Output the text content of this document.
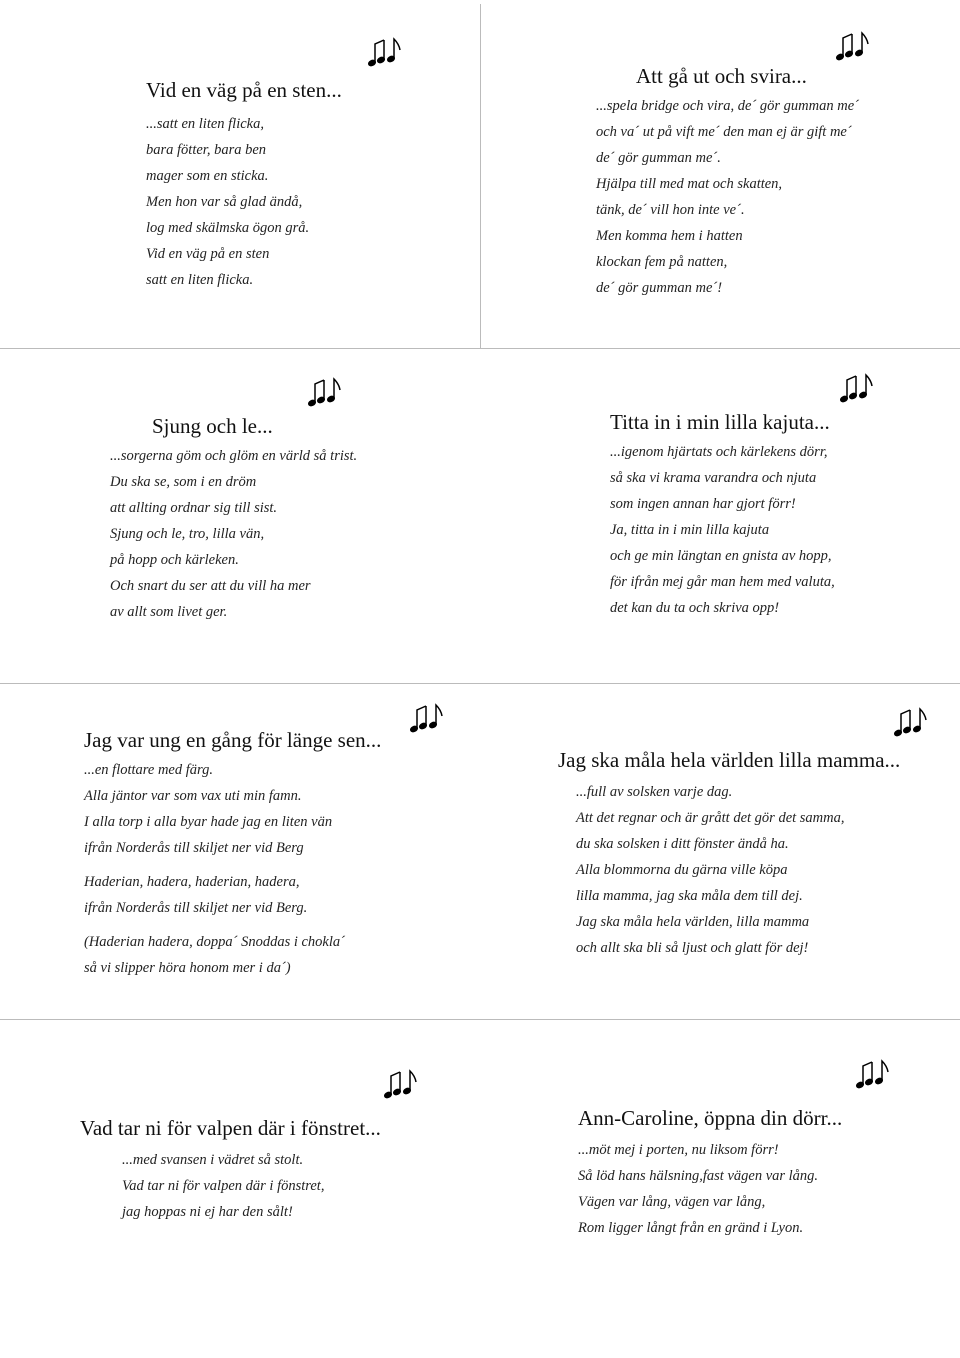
Vid en väg på en sten...
...satt en liten flicka,
bara fötter, bara ben
mager som en sticka.
Men hon var så glad ändå,
log med skälmska ögon grå.
Vid en väg på en sten
satt en liten flicka.
Att gå ut och svira...
...spela bridge och vira, de´ gör gumman me´
och va´ ut på vift me´ den man ej är gift me´
de´ gör gumman me´.
Hjälpa till med mat och skatten,
tänk, de´ vill hon inte ve´.
Men komma hem i hatten
klockan fem på natten,
de´ gör gumman me´!
Sjung och le...
...sorgerna göm och glöm en värld så trist.
Du ska se, som i en dröm
att allting ordnar sig till sist.
Sjung och le, tro, lilla vän,
på hopp och kärleken.
Och snart du ser att du vill ha mer
av allt som livet ger.
Titta in i min lilla kajuta...
...igenom hjärtats och kärlekens dörr,
så ska vi krama varandra och njuta
som ingen annan har gjort förr!
Ja, titta in i min lilla kajuta
och ge min längtan en gnista av hopp,
för ifrån mej går man hem med valuta,
det kan du ta och skriva opp!
Jag var ung en gång för länge sen...
...en flottare med färg.
Alla jäntor var som vax uti min famn.
I alla torp i alla byar hade jag en liten vän
ifrån Norderås till skiljet ner vid Berg
Haderian, hadera, haderian, hadera,
ifrån Norderås till skiljet ner vid Berg.
(Haderian hadera, doppa´ Snoddas i chokla´
så vi slipper höra honom mer i da´)
Jag ska måla hela världen lilla mamma...
...full av solsken varje dag.
Att det regnar och är grått det gör det samma,
du ska solsken i ditt fönster ändå ha.
Alla blommorna du gärna ville köpa
lilla mamma, jag ska måla dem till dej.
Jag ska måla hela världen, lilla mamma
och allt ska bli så ljust och glatt för dej!
Vad tar ni för valpen där i fönstret...
...med svansen i vädret så stolt.
Vad tar ni för valpen där i fönstret,
jag hoppas ni ej har den sålt!
Ann-Caroline, öppna din dörr...
...möt mej i porten, nu liksom förr!
Så löd hans hälsning,fast vägen var lång.
Vägen var lång, vägen var lång,
Rom ligger långt från en gränd i Lyon.
